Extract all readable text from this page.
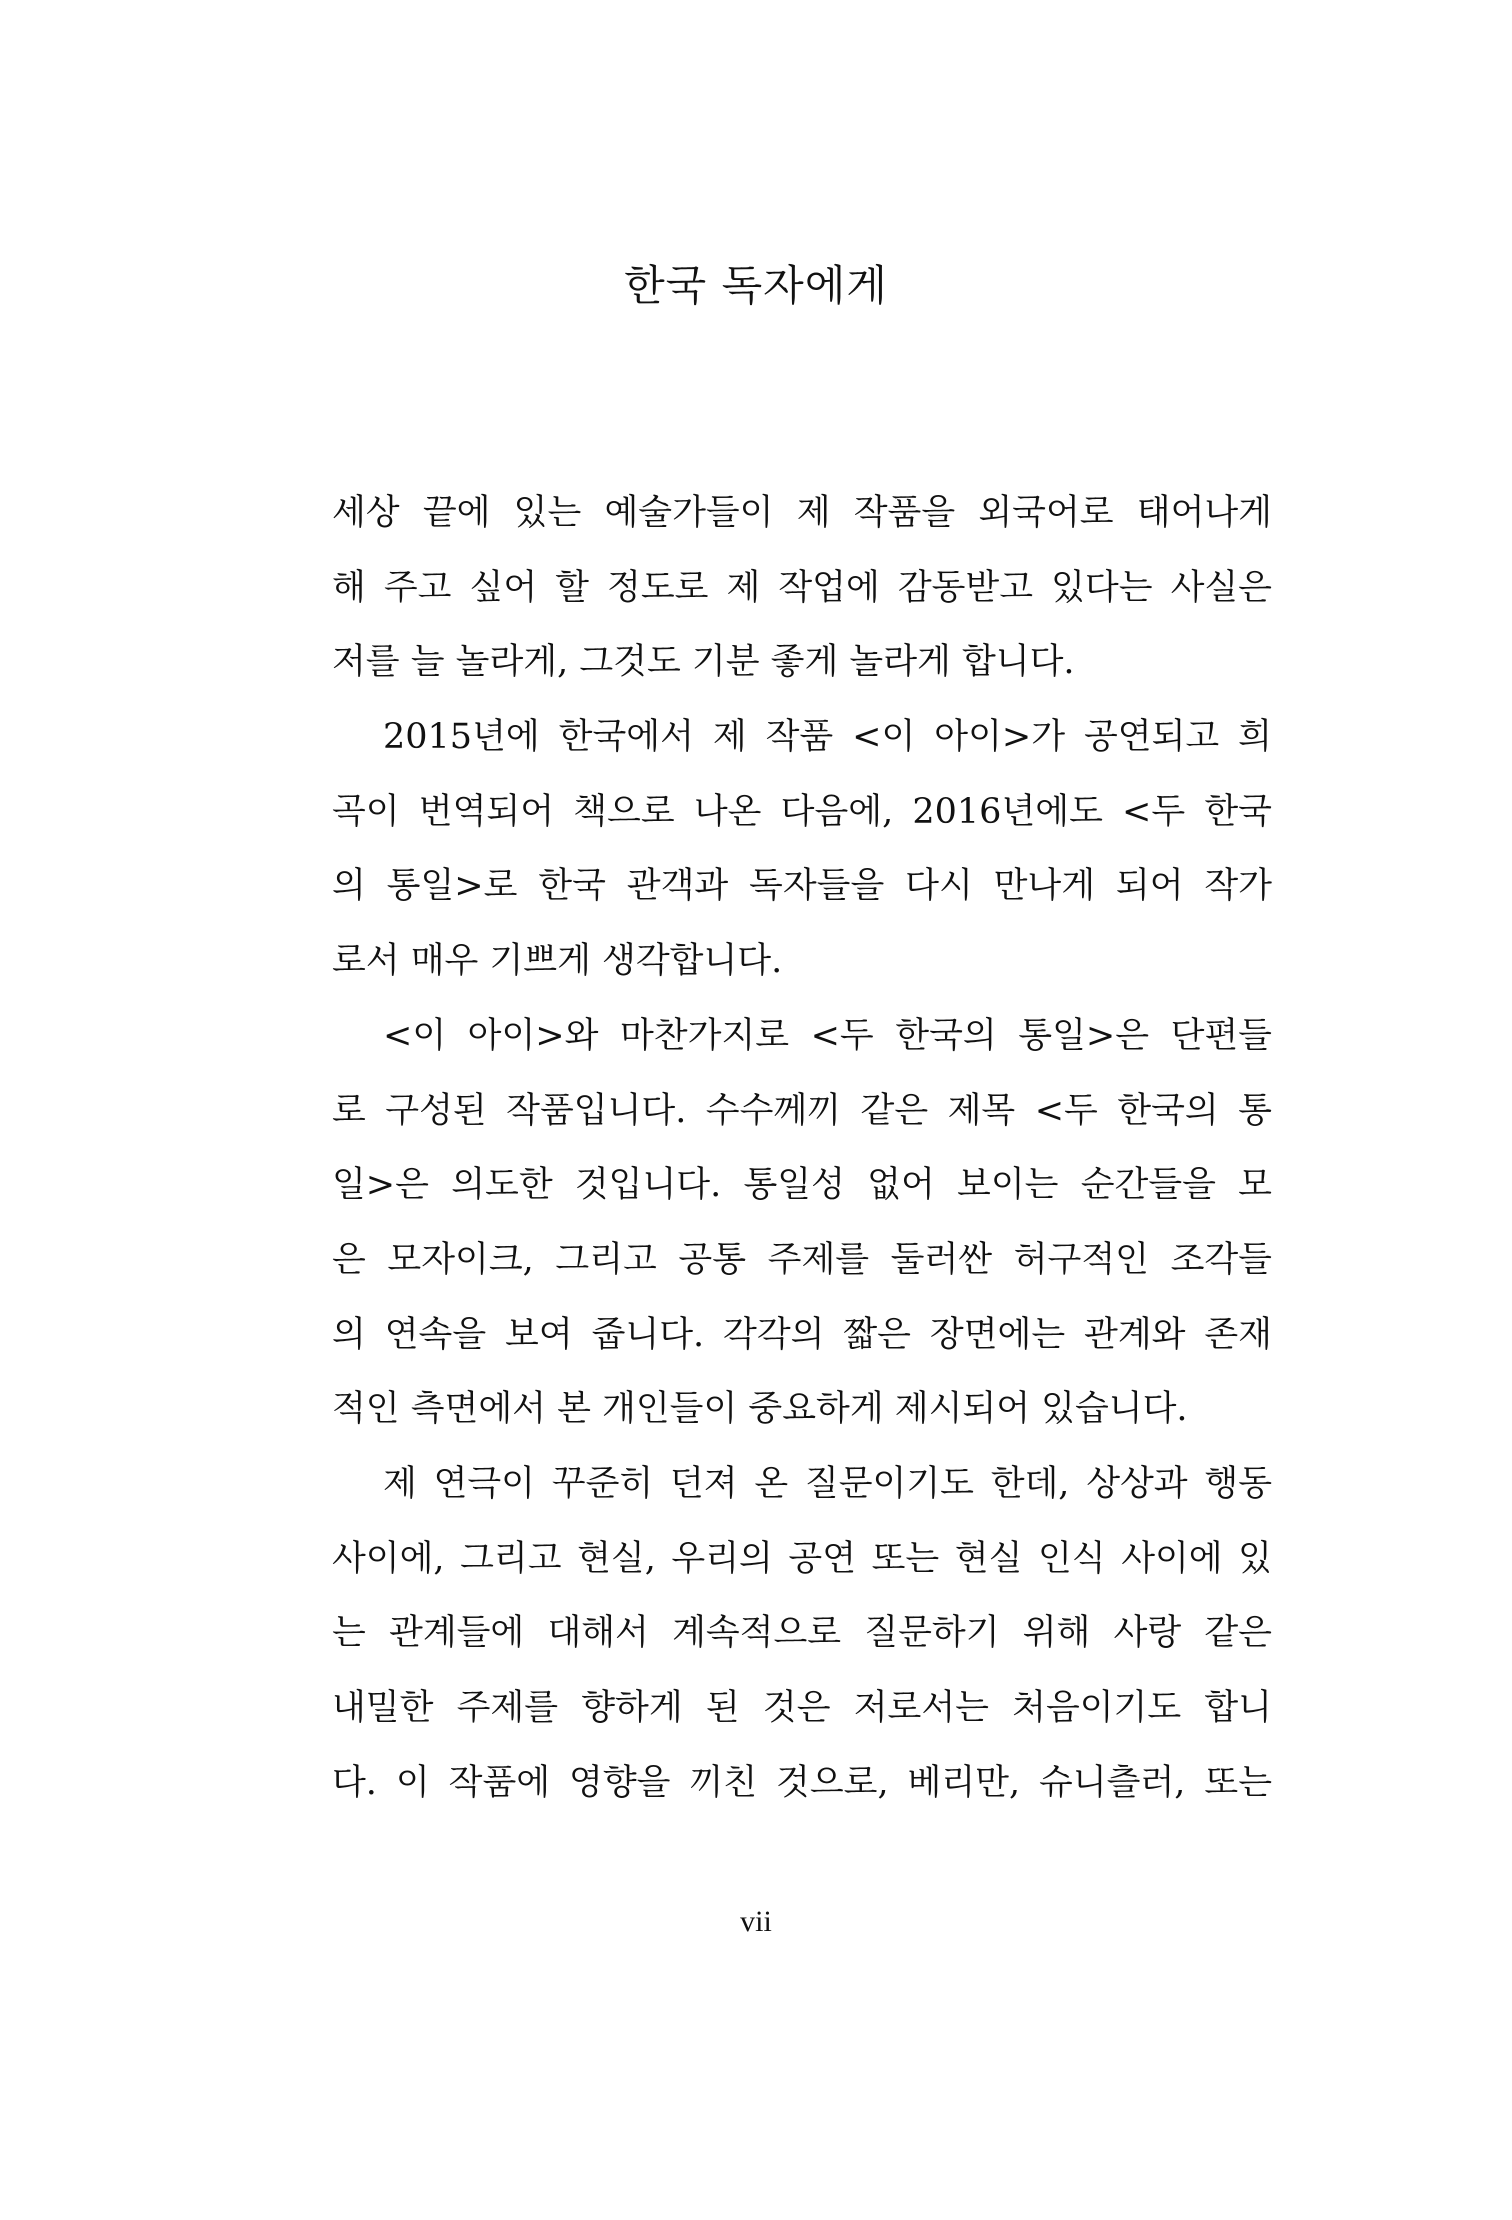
한국 독자에게
세상 끝에 있는 예술가들이 제 작품을 외국어로 태어나게
해 주고 싶어 할 정도로 제 작업에 감동받고 있다는 사실은
저를 늘 놀라게, 그것도 기분 좋게 놀라게 합니다.
2015년에 한국에서 제 작품 <이 아이>가 공연되고 희
곡이 번역되어 책으로 나온 다음에, 2016년에도 <두 한국
의 통일>로 한국 관객과 독자들을 다시 만나게 되어 작가
로서 매우 기쁘게 생각합니다.
<이 아이>와 마찬가지로 <두 한국의 통일>은 단편들
로 구성된 작품입니다. 수수께끼 같은 제목 <두 한국의 통
일>은 의도한 것입니다. 통일성 없어 보이는 순간들을 모
은 모자이크, 그리고 공통 주제를 둘러싼 허구적인 조각들
의 연속을 보여 줍니다. 각각의 짧은 장면에는 관계와 존재
적인 측면에서 본 개인들이 중요하게 제시되어 있습니다.
제 연극이 꾸준히 던져 온 질문이기도 한데, 상상과 행동
사이에, 그리고 현실, 우리의 공연 또는 현실 인식 사이에 있
는 관계들에 대해서 계속적으로 질문하기 위해 사랑 같은
내밀한 주제를 향하게 된 것은 저로서는 처음이기도 합니
다. 이 작품에 영향을 끼친 것으로, 베리만, 슈니츨러, 또는
vii
